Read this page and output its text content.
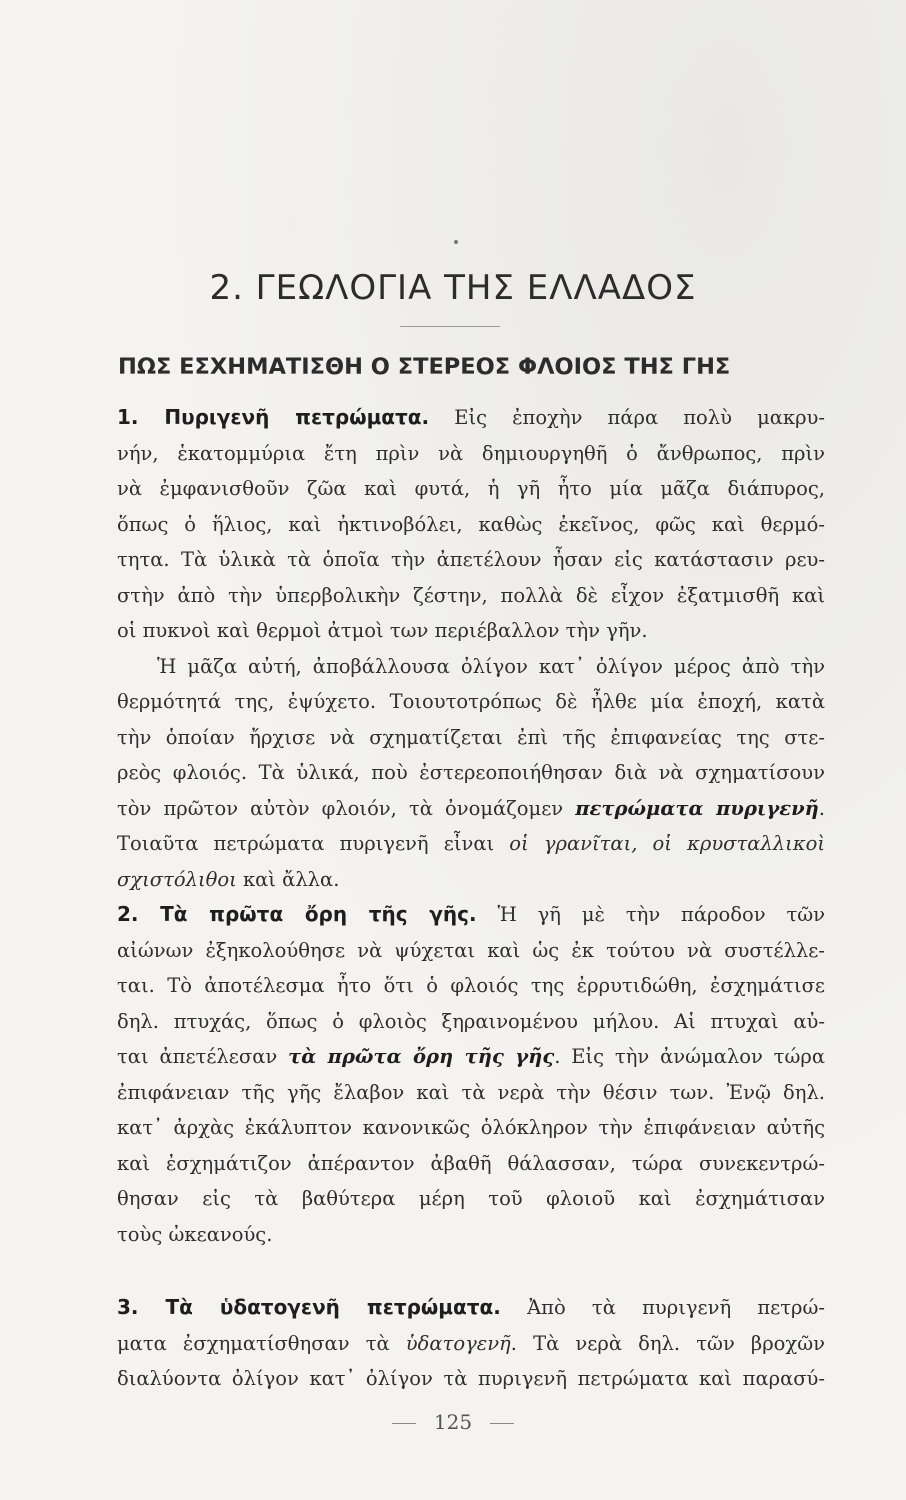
2. ΓΕΩΛΟΓΙΑ ΤΗΣ ΕΛΛΑΔΟΣ
ΠΩΣ ΕΣΧΗΜΑΤΙΣΘΗ Ο ΣΤΕΡΕΟΣ ΦΛΟΙΟΣ ΤΗΣ ΓΗΣ
1. Πυριγενῆ πετρώματα. Εἰς ἐποχὴν πάρα πολὺ μακρυ-
νήν, ἑκατομμύρια ἔτη πρὶν νὰ δημιουργηθῆ ὁ ἄνθρωπος, πρὶν
νὰ ἐμφανισθοῦν ζῶα καὶ φυτά, ἡ γῆ ἦτο μία μᾶζα διάπυρος,
ὅπως ὁ ἥλιος, καὶ ἠκτινοβόλει, καθὼς ἐκεῖνος, φῶς καὶ θερμό-
τητα. Τὰ ὑλικὰ τὰ ὁποῖα τὴν ἀπετέλουν ἦσαν εἰς κατάστασιν ρευ-
στὴν ἀπὸ τὴν ὑπερβολικὴν ζέστην, πολλὰ δὲ εἶχον ἐξατμισθῆ καὶ
οἱ πυκνοὶ καὶ θερμοὶ ἀτμοὶ των περιέβαλλον τὴν γῆν.
Ἡ μᾶζα αὐτή, ἀποβάλλουσα ὀλίγον κατ᾽ ὀλίγον μέρος ἀπὸ τὴν
θερμότητά της, ἐψύχετο. Τοιουτοτρόπως δὲ ἦλθε μία ἐποχή, κατὰ
τὴν ὁποίαν ἤρχισε νὰ σχηματίζεται ἐπὶ τῆς ἐπιφανείας της στε-
ρεὸς φλοιός. Τὰ ὑλικά, ποὺ ἐστερεοποιήθησαν διὰ νὰ σχηματίσουν
τὸν πρῶτον αὐτὸν φλοιόν, τὰ ὀνομάζομεν πετρώματα πυριγενῆ.
Τοιαῦτα πετρώματα πυριγενῆ εἶναι οἱ γρανῖται, οἱ κρυσταλλικοὶ
σχιστόλιθοι καὶ ἄλλα.
2. Τὰ πρῶτα ὄρη τῆς γῆς. Ἡ γῆ μὲ τὴν πάροδον τῶν
αἰώνων ἐξηκολούθησε νὰ ψύχεται καὶ ὡς ἐκ τούτου νὰ συστέλλε-
ται. Τὸ ἀποτέλεσμα ἦτο ὅτι ὁ φλοιός της ἐρρυτιδώθη, ἐσχημάτισε
δηλ. πτυχάς, ὅπως ὁ φλοιὸς ξηραινομένου μήλου. Αἱ πτυχαὶ αὐ-
ται ἀπετέλεσαν τὰ πρῶτα ὄρη τῆς γῆς. Εἰς τὴν ἀνώμαλον τώρα
ἐπιφάνειαν τῆς γῆς ἔλαβον καὶ τὰ νερὰ τὴν θέσιν των. Ἐνῷ δηλ.
κατ᾽ ἀρχὰς ἐκάλυπτον κανονικῶς ὁλόκληρον τὴν ἐπιφάνειαν αὐτῆς
καὶ ἐσχημάτιζον ἀπέραντον ἀβαθῆ θάλασσαν, τώρα συνεκεντρώ-
θησαν εἰς τὰ βαθύτερα μέρη τοῦ φλοιοῦ καὶ ἐσχημάτισαν
τοὺς ὠκεανούς.
3. Τὰ ὑδατογενῆ πετρώματα. Ἀπὸ τὰ πυριγενῆ πετρώ-
ματα ἐσχηματίσθησαν τὰ ὑδατογενῆ. Τὰ νερὰ δηλ. τῶν βροχῶν
διαλύοντα ὀλίγον κατ᾽ ὀλίγον τὰ πυριγενῆ πετρώματα καὶ παρασύ-
125
